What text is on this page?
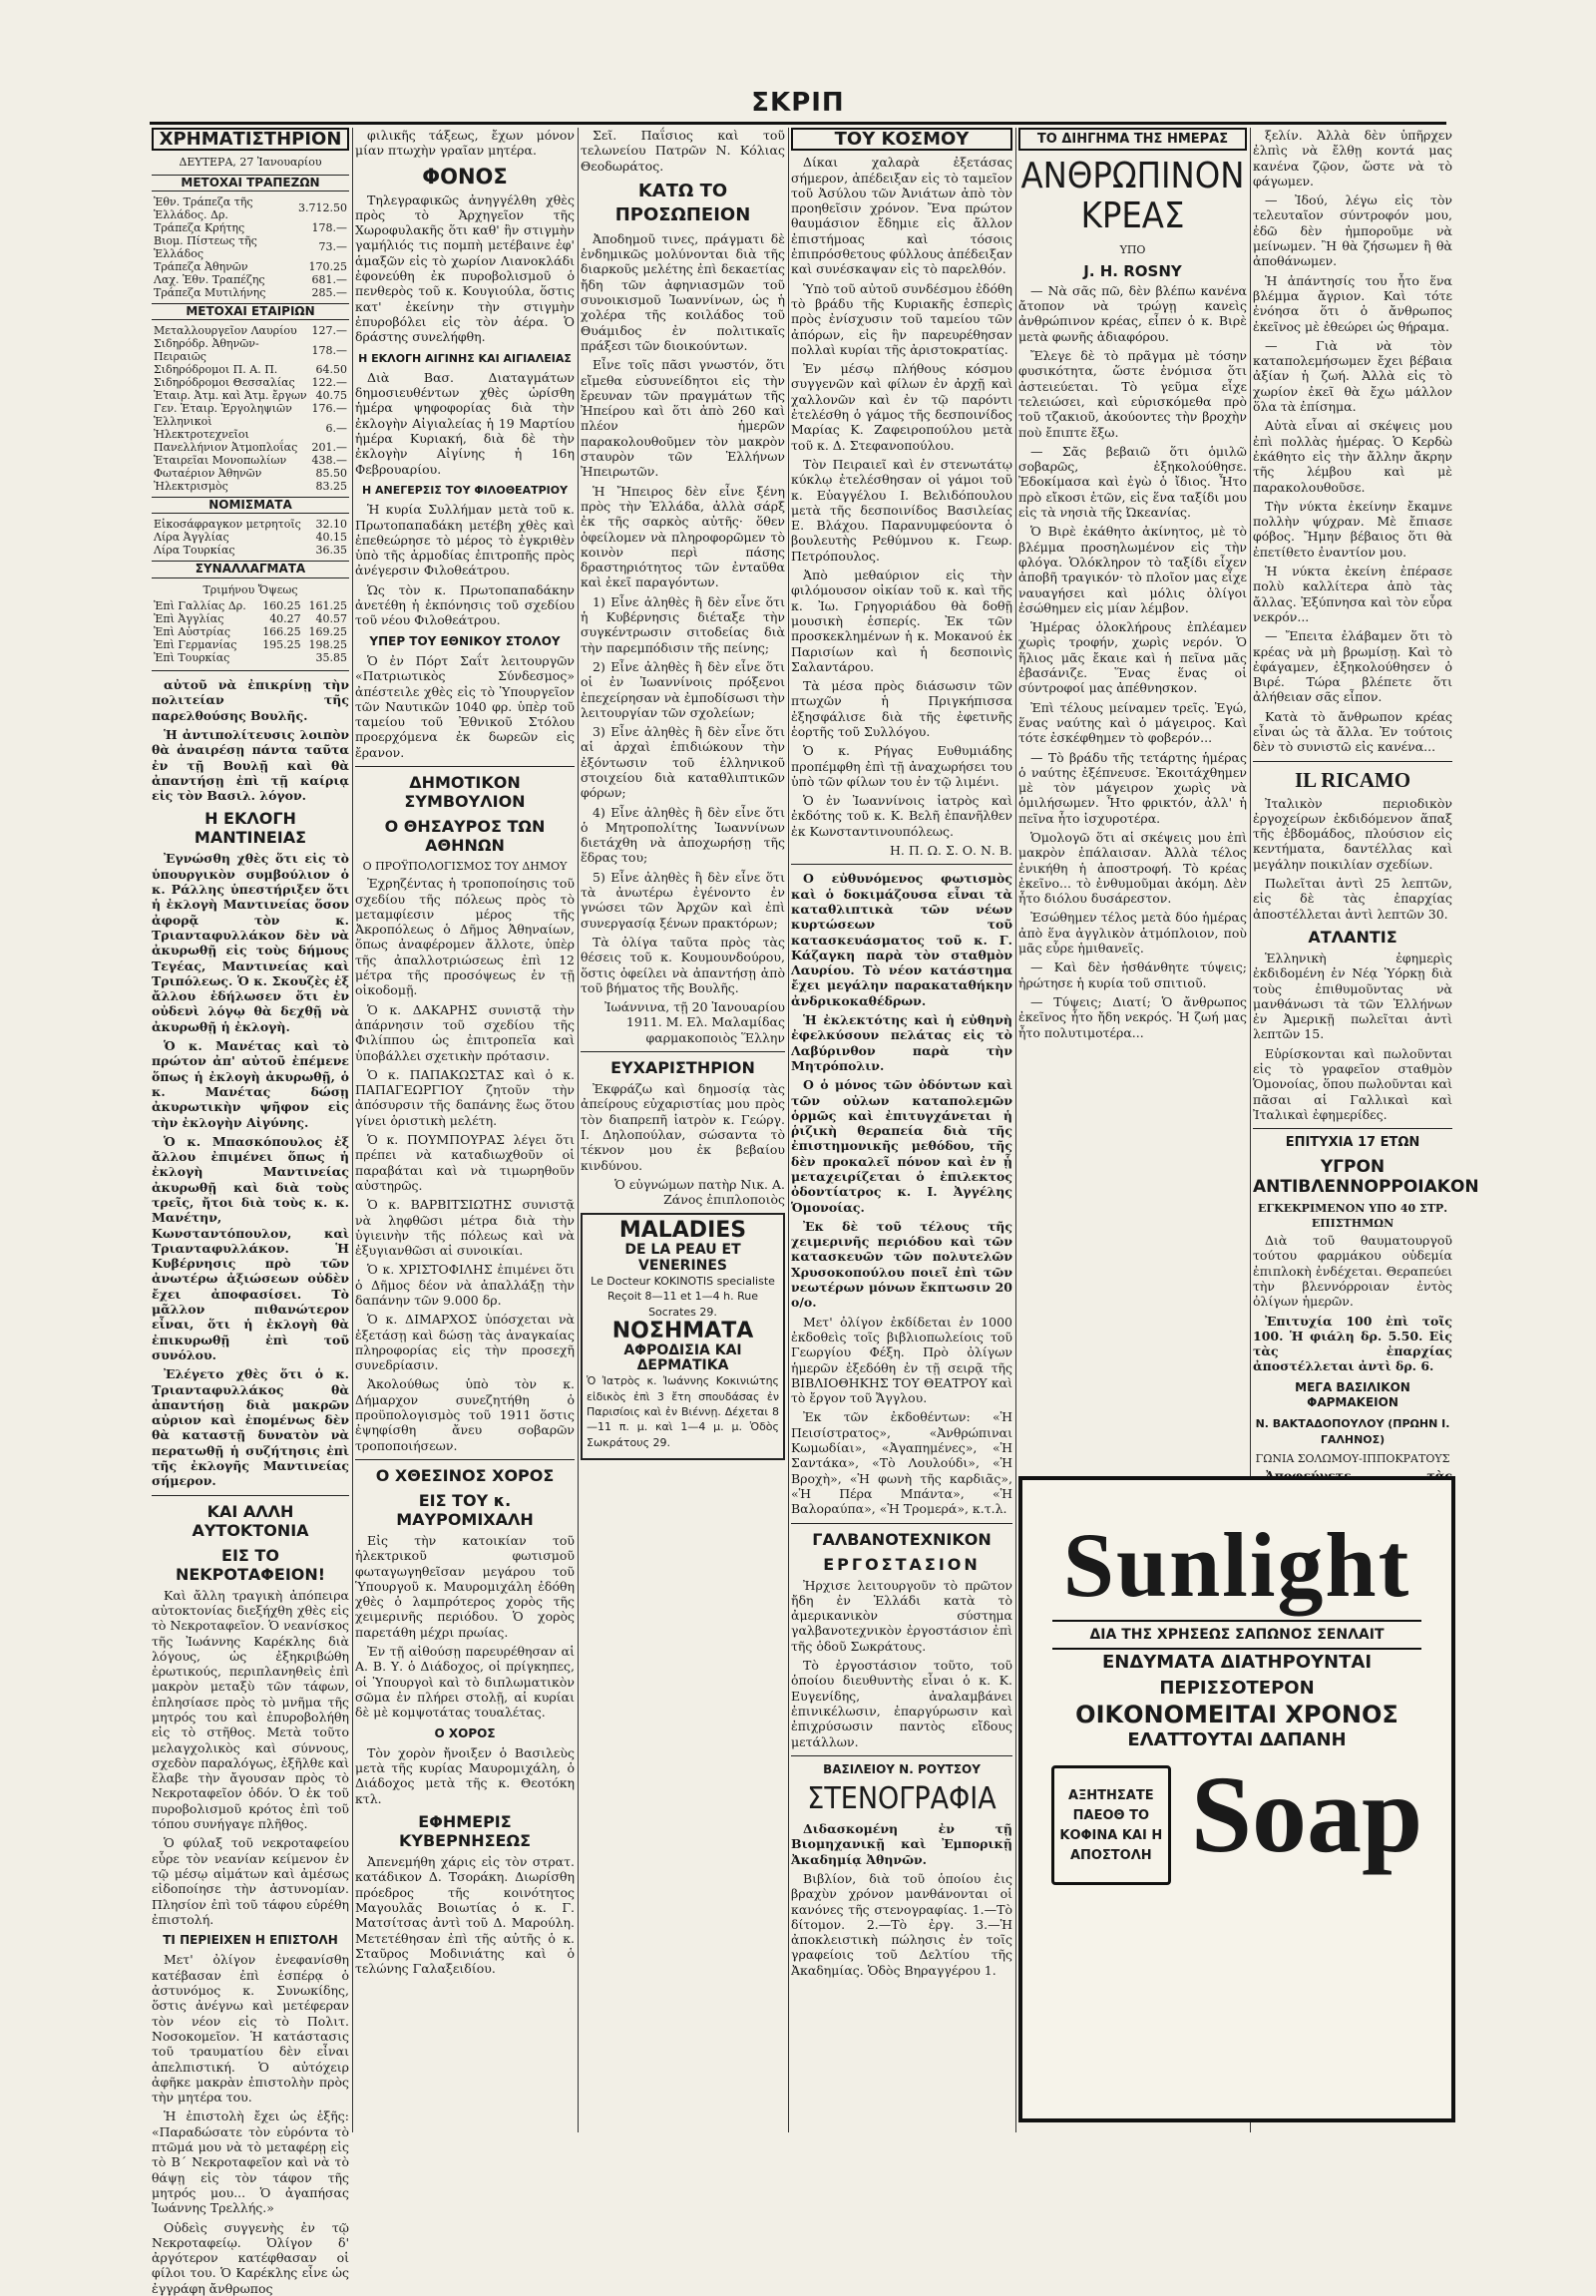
ΣΚΡΙΠ
ΧΡΗΜΑΤΙΣΤΗΡΙΟΝ
ΔΕΥΤΕΡΑ, 27 Ἰανουαρίου
ΜΕΤΟΧΑΙ ΤΡΑΠΕΖΩΝ
Ἐθν. Τράπεζα τῆς Ἑλλάδος. Δρ.	3.712.50
Τράπεζα Κρήτης	178.—
Βιομ. Πίστεως τῆς Ἑλλάδος	73.—
Τράπεζα Ἀθηνῶν	170.25
Λαχ. Ἐθν. Τραπέζης	681.—
Τράπεζα Μυτιλήνης	285.—
ΜΕΤΟΧΑΙ ΕΤΑΙΡΙΩΝ
Μεταλλουργεῖον Λαυρίου	127.—
Σιδηρόδρ. Ἀθηνῶν-Πειραιῶς	178.—
Σιδηρόδρομοι Π. Α. Π.	64.50
Σιδηρόδρομοι Θεσσαλίας	122.—
Ἑταιρ. Ἀτμ. καὶ Ἀτμ. ἔργων	40.75
Γεν. Ἑταιρ. Ἐργοληψιῶν	176.—
Ἑλληνικοὶ Ἠλεκτροτεχνεῖοι	6.—
Πανελλήνιον Ἀτμοπλοΐας	201.—
Ἑταιρεῖαι Μονοπωλίων	438.—
Φωταέριον Ἀθηνῶν	85.50
Ἠλεκτρισμὸς	83.25
ΝΟΜΙΣΜΑΤΑ
Εἰκοσάφραγκον μετρητοῖς	32.10
Λίρα Ἀγγλίας	40.15
Λίρα Τουρκίας	36.35
ΣΥΝΑΛΛΑΓΜΑΤΑ
Τριμήνου Ὄψεως
Ἐπὶ Γαλλίας Δρ.	160.25	161.25
Ἐπὶ Ἀγγλίας	40.27	40.57
Ἐπὶ Αὐστρίας	166.25	169.25
Ἐπὶ Γερμανίας	195.25	198.25
Ἐπὶ Τουρκίας		35.85

αὐτοῦ νὰ ἐπικρίνῃ τὴν πολιτείαν τῆς παρελθούσης Βουλῆς.

Ἡ ἀντιπολίτευσις λοιπὸν θὰ ἀναιρέσῃ πάντα ταῦτα ἐν τῇ Βουλῇ καὶ θὰ ἀπαντήσῃ ἐπὶ τῇ καίριᾳ εἰς τὸν Βασιλ. λόγον.

Η ΕΚΛΟΓΗ ΜΑΝΤΙΝΕΙΑΣ

Ἐγνώσθη χθὲς ὅτι εἰς τὸ ὑπουργικὸν συμβούλιον ὁ κ. Ράλλης ὑπεστήριξεν ὅτι ἡ ἐκλογὴ Μαντινείας ὅσον ἀφορᾷ τὸν κ. Τριανταφυλλάκον δὲν νὰ ἀκυρωθῇ εἰς τοὺς δήμους Τεγέας, Μαντινείας καὶ Τριπόλεως. Ὁ κ. Σκουζὲς ἐξ ἄλλου ἐδήλωσεν ὅτι ἐν οὐδενὶ λόγῳ θὰ δεχθῇ νὰ ἀκυρωθῇ ἡ ἐκλογὴ.

Ὁ κ. Μανέτας καὶ τὸ πρώτον ἀπ' αὐτοῦ ἐπέμενε ὅπως ἡ ἐκλογὴ ἀκυρωθῇ, ὁ κ. Μανέτας δώσῃ ἀκυρωτικὴν ψῆφον εἰς τὴν ἐκλογὴν Αἰγύνης.

Ὁ κ. Μπασκόπουλος ἐξ ἄλλου ἐπιμένει ὅπως ἡ ἐκλογὴ Μαντινείας ἀκυρωθῇ καὶ διὰ τοὺς τρεῖς, ἤτοι διὰ τοὺς κ. κ. Μανέτην, Κωνσταντόπουλον, καὶ Τριανταφυλλάκον. Ἡ Κυβέρνησις πρὸ τῶν ἀνωτέρω ἀξιώσεων οὐδὲν ἔχει ἀποφασίσει. Τὸ μᾶλλον πιθανώτερον εἶναι, ὅτι ἡ ἐκλογὴ θὰ ἐπικυρωθῇ ἐπὶ τοῦ συνόλου.

Ἐλέγετο χθὲς ὅτι ὁ κ. Τριανταφυλλάκος θὰ ἀπαντήσῃ διὰ μακρῶν αὐριον καὶ ἐπομένως δὲν θὰ καταστῇ δυνατὸν νὰ περατωθῇ ἡ συζήτησις ἐπὶ τῆς ἐκλογῆς Μαντινείας σήμερον.

ΚΑΙ ΑΛΛΗ ΑΥΤΟΚΤΟΝΙΑ
ΕΙΣ ΤΟ ΝΕΚΡΟΤΑΦΕΙΟΝ!

Καὶ ἄλλη τραγικὴ ἀπόπειρα αὐτοκτονίας διεξήχθη χθὲς εἰς τὸ Νεκροταφεῖον. Ὁ νεανίσκος τῆς Ἰωάννης Καρέκλης διὰ λόγους, ὡς ἐξηκριβώθη ἐρωτικούς, περιπλανηθεὶς ἐπὶ μακρὸν μεταξὺ τῶν τάφων, ἐπλησίασε πρὸς τὸ μνῆμα τῆς μητρός του καὶ ἐπυροβολήθη εἰς τὸ στῆθος. Μετὰ τοῦτο μελαγχολικὸς καὶ σύννους, σχεδὸν παραλόγως, ἐξῆλθε καὶ ἔλαβε τὴν ἄγουσαν πρὸς τὸ Νεκροταφεῖον ὁδόν. Ὁ ἐκ τοῦ πυροβολισμοῦ κρότος ἐπὶ τοῦ τόπου συνήγαγε πλῆθος.

Ὁ φύλαξ τοῦ νεκροταφείου εὗρε τὸν νεανίαν κείμενον ἐν τῷ μέσῳ αἱμάτων καὶ ἀμέσως εἰδοποίησε τὴν ἀστυνομίαν. Πλησίον ἐπὶ τοῦ τάφου εὑρέθη ἐπιστολή.

ΤΙ ΠΕΡΙΕΙΧΕΝ Η ΕΠΙΣΤΟΛΗ

Μετ' ὀλίγον ἐνεφανίσθη κατέβασαν ἐπὶ ἑσπέρᾳ ὁ ἀστυνόμος κ. Συνωκίδης, ὅστις ἀνέγνω καὶ μετέφεραν τὸν νέον εἰς τὸ Πολιτ. Νοσοκομεῖον. Ἡ κατάστασις τοῦ τραυματίου δὲν εἶναι ἀπελπιστική. Ὁ αὐτόχειρ ἀφῆκε μακρὰν ἐπιστολὴν πρὸς τὴν μητέρα του.

Ἡ ἐπιστολὴ ἔχει ὡς ἑξῆς: «Παραδώσατε τὸν εὑρόντα τὸ πτῶμά μου νὰ τὸ μεταφέρῃ εἰς τὸ Β΄ Νεκροταφεῖον καὶ νὰ τὸ θάψῃ εἰς τὸν τάφον τῆς μητρός μου... Ὁ ἀγαπήσας Ἰωάννης Τρελλής.»

Οὐδεὶς συγγενὴς ἐν τῷ Νεκροταφείῳ. Ὀλίγον δ' ἀργότερον κατέφθασαν οἱ φίλοι του. Ὁ Καρέκλης εἶνε ὡς ἐγγράφη ἄνθρωπος

φιλικῆς τάξεως, ἔχων μόνον μίαν πτωχὴν γραῖαν μητέρα.

ΦΟΝΟΣ

Τηλεγραφικῶς ἀνηγγέλθη χθὲς πρὸς τὸ Ἀρχηγεῖον τῆς Χωροφυλακῆς ὅτι καθ' ἣν στιγμὴν γαμήλιός τις πομπὴ μετέβαινε ἐφ' ἁμαξῶν εἰς τὸ χωρίον Λιανοκλάδι ἐφονεύθη ἐκ πυροβολισμοῦ ὁ πενθερὸς τοῦ κ. Κουγιούλα, ὅστις κατ' ἐκείνην τὴν στιγμὴν ἐπυροβόλει εἰς τὸν ἀέρα. Ὁ δράστης συνελήφθη.

Η ΕΚΛΟΓΗ ΑΙΓΙΝΗΣ ΚΑΙ ΑΙΓΙΑΛΕΙΑΣ

Διὰ Βασ. Διαταγμάτων δημοσιευθέντων χθὲς ὡρίσθη ἡμέρα ψηφοφορίας διὰ τὴν ἐκλογὴν Αἰγιαλείας ἡ 19 Μαρτίου ἡμέρα Κυριακή, διὰ δὲ τὴν ἐκλογὴν Αἰγίνης ἡ 16η Φεβρουαρίου.

Η ΑΝΕΓΕΡΣΙΣ ΤΟΥ ΦΙΛΟΘΕΑΤΡΙΟΥ

Ἡ κυρία Συλλήμαν μετὰ τοῦ κ. Πρωτοπαπαδάκη μετέβη χθὲς καὶ ἐπεθεώρησε τὸ μέρος τὸ ἐγκριθὲν ὑπὸ τῆς ἀρμοδίας ἐπιτροπῆς πρὸς ἀνέγερσιν Φιλοθεάτρου.

Ὡς τὸν κ. Πρωτοπαπαδάκην ἀνετέθη ἡ ἐκπόνησις τοῦ σχεδίου τοῦ νέου Φιλοθεάτρου.

ΥΠΕΡ ΤΟΥ ΕΘΝΙΚΟΥ ΣΤΟΛΟΥ

Ὁ ἐν Πόρτ Σαΐτ λειτουργῶν «Πατριωτικὸς Σύνδεσμος» ἀπέστειλε χθὲς εἰς τὸ Ὑπουργεῖον τῶν Ναυτικῶν 1040 φρ. ὑπὲρ τοῦ ταμείου τοῦ Ἐθνικοῦ Στόλου προερχόμενα ἐκ δωρεῶν εἰς ἔρανον.

ΔΗΜΟΤΙΚΟΝ ΣΥΜΒΟΥΛΙΟΝ
Ο ΘΗΣΑΥΡΟΣ ΤΩΝ ΑΘΗΝΩΝ
Ο ΠΡΟΫΠΟΛΟΓΙΣΜΟΣ ΤΟΥ ΔΗΜΟΥ

Ἐχρηζέντας ἡ τροποποίησις τοῦ σχεδίου τῆς πόλεως πρὸς τὸ μεταμφίεσιν μέρος τῆς Ἀκροπόλεως ὁ Δῆμος Ἀθηναίων, ὅπως ἀναφέρομεν ἄλλοτε, ὑπὲρ τῆς ἀπαλλοτριώσεως ἐπὶ 12 μέτρα τῆς προσόψεως ἐν τῇ οἰκοδομῇ.

Ὁ κ. ΔΑΚΑΡΗΣ συνιστᾷ τὴν ἀπάρνησιν τοῦ σχεδίου τῆς Φιλίππου ὡς ἐπιτροπεῖα καὶ ὑποβάλλει σχετικὴν πρότασιν.

Ὁ κ. ΠΑΠΑΚΩΣΤΑΣ καὶ ὁ κ. ΠΑΠΑΓΕΩΡΓΙΟΥ ζητοῦν τὴν ἀπόσυρσιν τῆς δαπάνης ἕως ὅτου γίνει ὁριστικὴ μελέτη.

Ὁ κ. ΠΟΥΜΠΟΥΡΑΣ λέγει ὅτι πρέπει νὰ καταδιωχθοῦν οἱ παραβάται καὶ νὰ τιμωρηθοῦν αὐστηρῶς.

Ὁ κ. ΒΑΡΒΙΤΣΙΩΤΗΣ συνιστᾷ νὰ ληφθῶσι μέτρα διὰ τὴν ὑγιεινὴν τῆς πόλεως καὶ νὰ ἐξυγιανθῶσι αἱ συνοικίαι.

Ὁ κ. ΧΡΙΣΤΟΦΙΛΗΣ ἐπιμένει ὅτι ὁ Δῆμος δέον νὰ ἀπαλλάξῃ τὴν δαπάνην τῶν 9.000 δρ.

Ὁ κ. ΔΙΜΑΡΧΟΣ ὑπόσχεται νὰ ἐξετάσῃ καὶ δώσῃ τὰς ἀναγκαίας πληροφορίας εἰς τὴν προσεχῆ συνεδρίασιν.

Ἀκολούθως ὑπὸ τὸν κ. Δήμαρχον συνεζητήθη ὁ προϋπολογισμὸς τοῦ 1911 ὅστις ἐψηφίσθη ἄνευ σοβαρῶν τροποποιήσεων.

Ο ΧΘΕΣΙΝΟΣ ΧΟΡΟΣ
ΕΙΣ ΤΟΥ κ. ΜΑΥΡΟΜΙΧΑΛΗ

Εἰς τὴν κατοικίαν τοῦ ἠλεκτρικοῦ φωτισμοῦ φωταγωγηθεῖσαν μεγάρου τοῦ Ὑπουργοῦ κ. Μαυρομιχάλη ἐδόθη χθὲς ὁ λαμπρότερος χορὸς τῆς χειμερινῆς περιόδου. Ὁ χορὸς παρετάθη μέχρι πρωίας.

Ἐν τῇ αἰθούσῃ παρευρέθησαν αἱ Α. Β. Υ. ὁ Διάδοχος, οἱ πρίγκηπες, οἱ Ὑπουργοὶ καὶ τὸ διπλωματικὸν σῶμα ἐν πλήρει στολῇ, αἱ κυρίαι δὲ μὲ κομψοτάτας τουαλέτας.

Ο ΧΟΡΟΣ

Τὸν χορὸν ἤνοιξεν ὁ Βασιλεὺς μετὰ τῆς κυρίας Μαυρομιχάλη, ὁ Διάδοχος μετὰ τῆς κ. Θεοτόκη κτλ.

ΕΦΗΜΕΡΙΣ ΚΥΒΕΡΝΗΣΕΩΣ

Ἀπενεμήθη χάρις εἰς τὸν στρατ. κατάδικον Δ. Τσοράκη. Διωρίσθη πρόεδρος τῆς κοινότητος Μαγουλᾶς Βοιωτίας ὁ κ. Γ. Ματσίτσας ἀντὶ τοῦ Δ. Μαρούλη. Μετετέθησαν ἐπὶ τῆς αὐτῆς ὁ κ. Σταῦρος Μοδινιάτης καὶ ὁ τελώνης Γαλαξειδίου.

Σεῖ. Παΐσιος καὶ τοῦ τελωνείου Πατρῶν Ν. Κόλιας Θεοδωράτος.

ΚΑΤΩ ΤΟ ΠΡΟΣΩΠΕΙΟΝ

Ἀποδημοῦ τινες, πράγματι δὲ ἐνδημικῶς μολύνονται διὰ τῆς διαρκοῦς μελέτης ἐπὶ δεκαετίας ἤδη τῶν ἀφηνιασμῶν τοῦ συνοικισμοῦ Ἰωαννίνων, ὡς ἡ χολέρα τῆς κοιλάδος τοῦ Θυάμιδος ἐν πολιτικαῖς πράξεσι τῶν διοικούντων.

Εἶνε τοῖς πᾶσι γνωστόν, ὅτι εἴμεθα εὐσυνείδητοι εἰς τὴν ἔρευναν τῶν πραγμάτων τῆς Ἠπείρου καὶ ὅτι ἀπὸ 260 καὶ πλέον ἡμερῶν παρακολουθοῦμεν τὸν μακρὸν σταυρὸν τῶν Ἑλλήνων Ἠπειρωτῶν.

Ἡ Ἤπειρος δὲν εἶνε ξένη πρὸς τὴν Ἑλλάδα, ἀλλὰ σάρξ ἐκ τῆς σαρκὸς αὐτῆς· ὅθεν ὀφείλομεν νὰ πληροφορῶμεν τὸ κοινὸν περὶ πάσης δραστηριότητος τῶν ἐνταῦθα καὶ ἐκεῖ παραγόντων.

1) Εἶνε ἀληθὲς ἢ δὲν εἶνε ὅτι ἡ Κυβέρνησις διέταξε τὴν συγκέντρωσιν σιτοδείας διὰ τὴν παρεμπόδισιν τῆς πείνης;

2) Εἶνε ἀληθὲς ἢ δὲν εἶνε ὅτι οἱ ἐν Ἰωαννίνοις πρόξενοι ἐπεχείρησαν νὰ ἐμποδίσωσι τὴν λειτουργίαν τῶν σχολείων;

3) Εἶνε ἀληθὲς ἢ δὲν εἶνε ὅτι αἱ ἀρχαὶ ἐπιδιώκουν τὴν ἐξόντωσιν τοῦ ἑλληνικοῦ στοιχείου διὰ καταθλιπτικῶν φόρων;

4) Εἶνε ἀληθὲς ἢ δὲν εἶνε ὅτι ὁ Μητροπολίτης Ἰωαννίνων διετάχθη νὰ ἀποχωρήσῃ τῆς ἕδρας του;

5) Εἶνε ἀληθὲς ἢ δὲν εἶνε ὅτι τὰ ἀνωτέρω ἐγένοντο ἐν γνώσει τῶν Ἀρχῶν καὶ ἐπὶ συνεργασίᾳ ξένων πρακτόρων;

Τὰ ὀλίγα ταῦτα πρὸς τὰς θέσεις τοῦ κ. Κουμουνδούρου, ὅστις ὀφείλει νὰ ἀπαντήσῃ ἀπὸ τοῦ βήματος τῆς Βουλῆς.

Ἰωάννινα, τῇ 20 Ἰανουαρίου 1911. Μ. Ελ. Μαλαμίδας φαρμακοποιὸς Ἕλλην

ΕΥΧΑΡΙΣΤΗΡΙΟΝ

Ἐκφράζω καὶ δημοσίᾳ τὰς ἀπείρους εὐχαριστίας μου πρὸς τὸν διαπρεπῆ ἰατρὸν κ. Γεώργ. Ι. Δηλοπούλαν, σώσαντα τὸ τέκνον μου ἐκ βεβαίου κινδύνου.

Ὁ εὐγνώμων πατὴρ Νικ. Α. Ζάνος ἐπιπλοποιὸς

MALADIES
DE LA PEAU ET VENERINES
Le Docteur KOKINOTIS specialiste
Reçoit 8—11 et 1—4 h. Rue Socrates 29.
ΝΟΣΗΜΑΤΑ
ΑΦΡΟΔΙΣΙΑ ΚΑΙ ΔΕΡΜΑΤΙΚΑ

Ὁ Ἰατρὸς κ. Ἰωάννης Κοκινιώτης εἰδικὸς ἐπὶ 3 ἔτη σπουδάσας ἐν Παρισίοις καὶ ἐν Βιέννῃ. Δέχεται 8—11 π. μ. καὶ 1—4 μ. μ. Ὁδὸς Σωκράτους 29.

ΤΟΥ ΚΟΣΜΟΥ

Δίκαι χαλαρὰ ἐξετάσας σήμερον, ἀπέδειξαν εἰς τὸ ταμεῖον τοῦ Ἀσύλου τῶν Ἀνιάτων ἀπὸ τὸν προηθεῖσιν χρόνον. Ἔνα πρώτον θαυμάσιον ἔδημιε εἰς ἄλλον ἐπιστήμοας καὶ τόσοις ἐπιπρόσθετους φύλλους ἀπέδειξαν καὶ συνέσκαψαν εἰς τὸ παρελθόν.

Ὑπὸ τοῦ αὐτοῦ συνδέσμου ἐδόθη τὸ βράδυ τῆς Κυριακῆς ἑσπερὶς πρὸς ἐνίσχυσιν τοῦ ταμείου τῶν ἀπόρων, εἰς ἣν παρευρέθησαν πολλαὶ κυρίαι τῆς ἀριστοκρατίας.

Ἐν μέσῳ πλήθους κόσμου συγγενῶν καὶ φίλων ἐν ἀρχῇ καὶ χαλλονῶν καὶ ἐν τῷ παρόντι ἐτελέσθη ὁ γάμος τῆς δεσποινίδος Μαρίας Κ. Ζαφειροπούλου μετὰ τοῦ κ. Δ. Στεφανοπούλου.

Τὸν Πειραιεῖ καὶ ἐν στενωτάτῳ κύκλῳ ἐτελέσθησαν οἱ γάμοι τοῦ κ. Εὐαγγέλου Ι. Βελιδόπουλου μετὰ τῆς δεσποινίδος Βασιλείας Ε. Βλάχου. Παρανυμφεύοντα ὁ βουλευτὴς Ρεθύμνου κ. Γεωρ. Πετρόπουλος.

Ἀπὸ μεθαύριον εἰς τὴν φιλόμουσον οἰκίαν τοῦ κ. καὶ τῆς κ. Ἰω. Γρηγοριάδου θὰ δοθῇ μουσικὴ ἑσπερίς. Ἐκ τῶν προσκεκλημένων ἡ κ. Μοκανού ἐκ Παρισίων καὶ ἡ δεσποινὶς Σαλαντάρου.

Τὰ μέσα πρὸς διάσωσιν τῶν πτωχῶν ἡ Πριγκήπισσα ἐξησφάλισε διὰ τῆς ἐφετινῆς ἑορτῆς τοῦ Συλλόγου.

Ὁ κ. Ρήγας Ευθυμιάδης προπέμφθη ἐπὶ τῇ ἀναχωρήσει του ὑπὸ τῶν φίλων του ἐν τῷ λιμένι.

Ὁ ἐν Ἰωαννίνοις ἰατρὸς καὶ ἐκδότης τοῦ κ. Κ. Βελῆ ἐπανῆλθεν ἐκ Κωνσταντινουπόλεως.

Η. Π. Ω. Σ. Ο. Ν. Β.

Ο εὐθυνόμενος φωτισμὸς καὶ ὁ δοκιμάζουσα εἶναι τὰ καταθλιπτικὰ τῶν νέων κυρτώσεων τοῦ κατασκευάσματος τοῦ κ. Γ. Κάζαγκη παρὰ τὸν σταθμὸν Λαυρίου. Τὸ νέον κατάστημα ἔχει μεγάλην παρακαταθήκην ἀνδρικοκαθέδρων.

Ἡ ἐκλεκτότης καὶ ἡ εὐθηνὴ ἐφελκύσουν πελάτας εἰς τὸ Λαβύρινθον παρὰ τὴν Μητρόπολιν.

Ο ὁ μόνος τῶν ὀδόντων καὶ τῶν οὐλων καταπολεμῶν ὁρμῶς καὶ ἐπιτυγχάνεται ἡ ῥιζικὴ θεραπεία διὰ τῆς ἐπιστημονικῆς μεθόδου, τῆς δὲν προκαλεῖ πόνον καὶ ἐν ᾗ μεταχειρίζεται ὁ ἐπιλεκτος ὀδοντίατρος κ. Ι. Ἀγγέλης Ὁμονοίας.

Ἐκ δὲ τοῦ τέλους τῆς χειμερινῆς περιόδου καὶ τῶν κατασκευῶν τῶν πολυτελῶν Χρυσοκοπούλου ποιεῖ ἐπὶ τῶν νεωτέρων μόνων ἔκπτωσιν 20 ο/ο.

Μετ' ὀλίγον ἐκδίδεται ἐν 1000 ἐκδοθεὶς τοῖς βιβλιοπωλείοις τοῦ Γεωργίου Φέξη. Πρὸ ὀλίγων ἡμερῶν ἐξεδόθη ἐν τῇ σειρᾷ τῆς ΒΙΒΛΙΟΘΗΚΗΣ ΤΟΥ ΘΕΑΤΡΟΥ καὶ τὸ ἔργον τοῦ Ἄγγλου.

Ἐκ τῶν ἐκδοθέντων: «Ἡ Πεισίστρατος», «Ἀνθρώπιναι Κωμωδίαι», «Ἀγαπημένες», «Ἡ Σαντάκα», «Τὸ Λουλούδι», «Ἡ Βροχὴ», «Ἡ φωνὴ τῆς καρδιᾶς», «Ἡ Πέρα Μπάντα», «Ἡ Βαλοραύπα», «Ἡ Τρομερά», κ.τ.λ.

ΓΑΛΒΑΝΟΤΕΧΝΙΚΟΝ
ΕΡΓΟΣΤΑΣΙΟΝ

Ἠρχισε λειτουργοῦν τὸ πρῶτον ἤδη ἐν Ἑλλάδι κατὰ τὸ ἀμερικανικὸν σύστημα γαλβανοτεχνικὸν ἐργοστάσιον ἐπὶ τῆς ὁδοῦ Σωκράτους.

Τὸ ἐργοστάσιον τοῦτο, τοῦ ὁποίου διευθυντὴς εἶναι ὁ κ. Κ. Ευγενίδης, ἀναλαμβάνει ἐπινικέλωσιν, ἐπαργύρωσιν καὶ ἐπιχρύσωσιν παντὸς εἴδους μετάλλων.

ΒΑΣΙΛΕΙΟΥ Ν. ΡΟΥΤΣΟΥ
ΣΤΕΝΟΓΡΑΦΙΑ

Διδασκομένη ἐν τῇ Βιομηχανικῇ καὶ Ἐμπορικῇ Ἀκαδημίᾳ Ἀθηνῶν.

Βιβλίον, διὰ τοῦ ὁποίου ἐις βραχὺν χρόνον μανθάνονται οἱ κανόνες τῆς στενογραφίας. 1.—Τὸ δίτομον. 2.—Τὸ ἐργ. 3.—Ἡ ἀποκλειστικὴ πώλησις ἐν τοῖς γραφείοις τοῦ Δελτίου τῆς Ἀκαδημίας. Ὁδὸς Βηραγγέρου 1.

ΤΟ ΔΙΗΓΗΜΑ ΤΗΣ ΗΜΕΡΑΣ
ΑΝΘΡΩΠΙΝΟΝ ΚΡΕΑΣ
ΥΠΟ
J. H. ROSNY

— Νὰ σᾶς πῶ, δὲν βλέπω κανένα ἄτοπον νὰ τρώγῃ κανεὶς ἀνθρώπινον κρέας, εἶπεν ὁ κ. Βιρὲ μετὰ φωνῆς ἀδιαφόρου.

Ἔλεγε δὲ τὸ πρᾶγμα μὲ τόσην φυσικότητα, ὥστε ἐνόμισα ὅτι ἀστειεύεται. Τὸ γεῦμα εἶχε τελειώσει, καὶ εὑρισκόμεθα πρὸ τοῦ τζακιοῦ, ἀκούοντες τὴν βροχὴν ποὺ ἔπιπτε ἔξω.

— Σᾶς βεβαιῶ ὅτι ὁμιλῶ σοβαρῶς, ἐξηκολούθησε. Ἐδοκίμασα καὶ ἐγὼ ὁ ἴδιος. Ἦτο πρὸ εἴκοσι ἐτῶν, εἰς ἕνα ταξίδι μου εἰς τὰ νησιὰ τῆς Ὠκεανίας.

Ὁ Βιρὲ ἐκάθητο ἀκίνητος, μὲ τὸ βλέμμα προσηλωμένον εἰς τὴν φλόγα. Ὁλόκληρον τὸ ταξίδι εἶχεν ἀποβῆ τραγικόν· τὸ πλοῖον μας εἶχε ναυαγήσει καὶ μόλις ὀλίγοι ἐσώθημεν εἰς μίαν λέμβον.

Ἡμέρας ὁλοκλήρους ἐπλέαμεν χωρὶς τροφήν, χωρὶς νερόν. Ὁ ἥλιος μᾶς ἔκαιε καὶ ἡ πεῖνα μᾶς ἐβασάνιζε. Ἕνας ἕνας οἱ σύντροφοί μας ἀπέθνησκον.

Ἐπὶ τέλους μείναμεν τρεῖς. Ἐγώ, ἕνας ναύτης καὶ ὁ μάγειρος. Καὶ τότε ἐσκέφθημεν τὸ φοβερόν...

— Τὸ βράδυ τῆς τετάρτης ἡμέρας ὁ ναύτης ἐξέπνευσε. Ἐκοιτάχθημεν μὲ τὸν μάγειρον χωρὶς νὰ ὁμιλήσωμεν. Ἦτο φρικτόν, ἀλλ' ἡ πεῖνα ἦτο ἰσχυροτέρα.

Ὁμολογῶ ὅτι αἱ σκέψεις μου ἐπὶ μακρὸν ἐπάλαισαν. Ἀλλὰ τέλος ἐνικήθη ἡ ἀποστροφή. Τὸ κρέας ἐκεῖνο... τὸ ἐνθυμοῦμαι ἀκόμη. Δὲν ἦτο διόλου δυσάρεστον.

Ἐσώθημεν τέλος μετὰ δύο ἡμέρας ἀπὸ ἕνα ἀγγλικὸν ἀτμόπλοιον, ποὺ μᾶς εὗρε ἡμιθανεῖς.

— Καὶ δὲν ἠσθάνθητε τύψεις; ἠρώτησε ἡ κυρία τοῦ σπιτιοῦ.

— Τύψεις; Διατί; Ὁ ἄνθρωπος ἐκεῖνος ἦτο ἤδη νεκρός. Ἡ ζωή μας ἦτο πολυτιμοτέρα...

ξελίν. Ἀλλὰ δὲν ὑπῆρχεν ἐλπὶς νὰ ἔλθῃ κοντά μας κανένα ζῷον, ὥστε νὰ τὸ φάγωμεν.

— Ἰδού, λέγω εἰς τὸν τελευταῖον σύντροφόν μου, ἐδῶ δὲν ἠμποροῦμε νὰ μείνωμεν. Ἢ θὰ ζήσωμεν ἢ θὰ ἀποθάνωμεν.

Ἡ ἀπάντησίς του ἦτο ἕνα βλέμμα ἄγριον. Καὶ τότε ἐνόησα ὅτι ὁ ἄνθρωπος ἐκεῖνος μὲ ἐθεώρει ὡς θήραμα.

— Γιὰ νὰ τὸν καταπολεμήσωμεν ἔχει βέβαια ἀξίαν ἡ ζωή. Ἀλλὰ εἰς τὸ χωρίον ἐκεῖ θὰ ἔχω μάλλον ὅλα τὰ ἐπίσημα.

Αὐτὰ εἶναι αἱ σκέψεις μου ἐπὶ πολλὰς ἡμέρας. Ὁ Κερδὼ ἐκάθητο εἰς τὴν ἄλλην ἄκρην τῆς λέμβου καὶ μὲ παρακολουθοῦσε.

Τὴν νύκτα ἐκείνην ἔκαμνε πολλὴν ψύχραν. Μὲ ἔπιασε φόβος. Ἤμην βέβαιος ὅτι θὰ ἐπετίθετο ἐναντίον μου.

Ἡ νύκτα ἐκείνη ἐπέρασε πολὺ καλλίτερα ἀπὸ τὰς ἄλλας. Ἐξύπνησα καὶ τὸν εὗρα νεκρόν...

— Ἔπειτα ἐλάβαμεν ὅτι τὸ κρέας νὰ μὴ βρωμίσῃ. Καὶ τὸ ἐφάγαμεν, ἐξηκολούθησεν ὁ Βιρέ. Τώρα βλέπετε ὅτι ἀλήθειαν σᾶς εἶπον.

Κατὰ τὸ ἄνθρωπον κρέας εἶναι ὡς τὰ ἄλλα. Ἐν τούτοις δὲν τὸ συνιστῶ εἰς κανένα...

IL RICAMO

Ἰταλικὸν περιοδικὸν ἐργοχείρων ἐκδιδόμενον ἅπαξ τῆς ἑβδομάδος, πλούσιον εἰς κεντήματα, δαντέλλας καὶ μεγάλην ποικιλίαν σχεδίων.

Πωλεῖται ἀντὶ 25 λεπτῶν, εἰς δὲ τὰς ἐπαρχίας ἀποστέλλεται ἀντὶ λεπτῶν 30.

ΑΤΛΑΝΤΙΣ

Ἑλληνικὴ ἐφημερὶς ἐκδιδομένη ἐν Νέᾳ Ὑόρκῃ διὰ τοὺς ἐπιθυμοῦντας νὰ μανθάνωσι τὰ τῶν Ἑλλήνων ἐν Ἀμερικῇ πωλεῖται ἀντὶ λεπτῶν 15.

Εὑρίσκονται καὶ πωλοῦνται εἰς τὸ γραφεῖον σταθμὸν Ὁμονοίας, ὅπου πωλοῦνται καὶ πᾶσαι αἱ Γαλλικαὶ καὶ Ἰταλικαὶ ἐφημερίδες.

ΕΠΙΤΥΧΙΑ 17 ΕΤΩΝ
ΥΓΡΟΝ ΑΝΤΙΒΛΕΝΝΟΡΡΟΙΑΚΟΝ
ΕΓΚΕΚΡΙΜΕΝΟΝ ΥΠΟ 40 ΣΤΡ. ΕΠΙΣΤΗΜΩΝ

Διὰ τοῦ θαυματουργοῦ τούτου φαρμάκου οὐδεμία ἐπιπλοκὴ ἐνδέχεται. Θεραπεύει τὴν βλεννόρροιαν ἐντὸς ὀλίγων ἡμερῶν.

Ἐπιτυχία 100 ἐπὶ τοῖς 100. Ἡ φιάλη δρ. 5.50. Εἰς τὰς ἐπαρχίας ἀποστέλλεται ἀντὶ δρ. 6.

ΜΕΓΑ ΒΑΣΙΛΙΚΟΝ ΦΑΡΜΑΚΕΙΟΝ
Ν. ΒΑΚΤΑΔΟΠΟΥΛΟΥ (ΠΡΩΗΝ Ι. ΓΑΛΗΝΟΣ)
ΓΩΝΙΑ ΣΟΛΩΜΟΥ-ΙΠΠΟΚΡΑΤΟΥΣ

Sunlight
ΔΙΑ ΤΗΣ ΧΡΗΣΕΩΣ ΣΑΠΩΝΟΣ ΣΕΝΛΑΙΤ
ΕΝΔΥΜΑΤΑ ΔΙΑΤΗΡΟΥΝΤΑΙ ΠΕΡΙΣΣΟΤΕΡΟΝ
ΟΙΚΟΝΟΜΕΙΤΑΙ ΧΡΟΝΟΣ
ΕΛΑΤΤΟΥΤΑΙ ΔΑΠΑΝΗ
ΑΞΗΤΗΣΑΤΕ ΠΑΕΟΘ ΤΟ ΚΟΦΙΝΑ ΚΑΙ Η ΑΠΟΣΤΟΛΗ Soap
